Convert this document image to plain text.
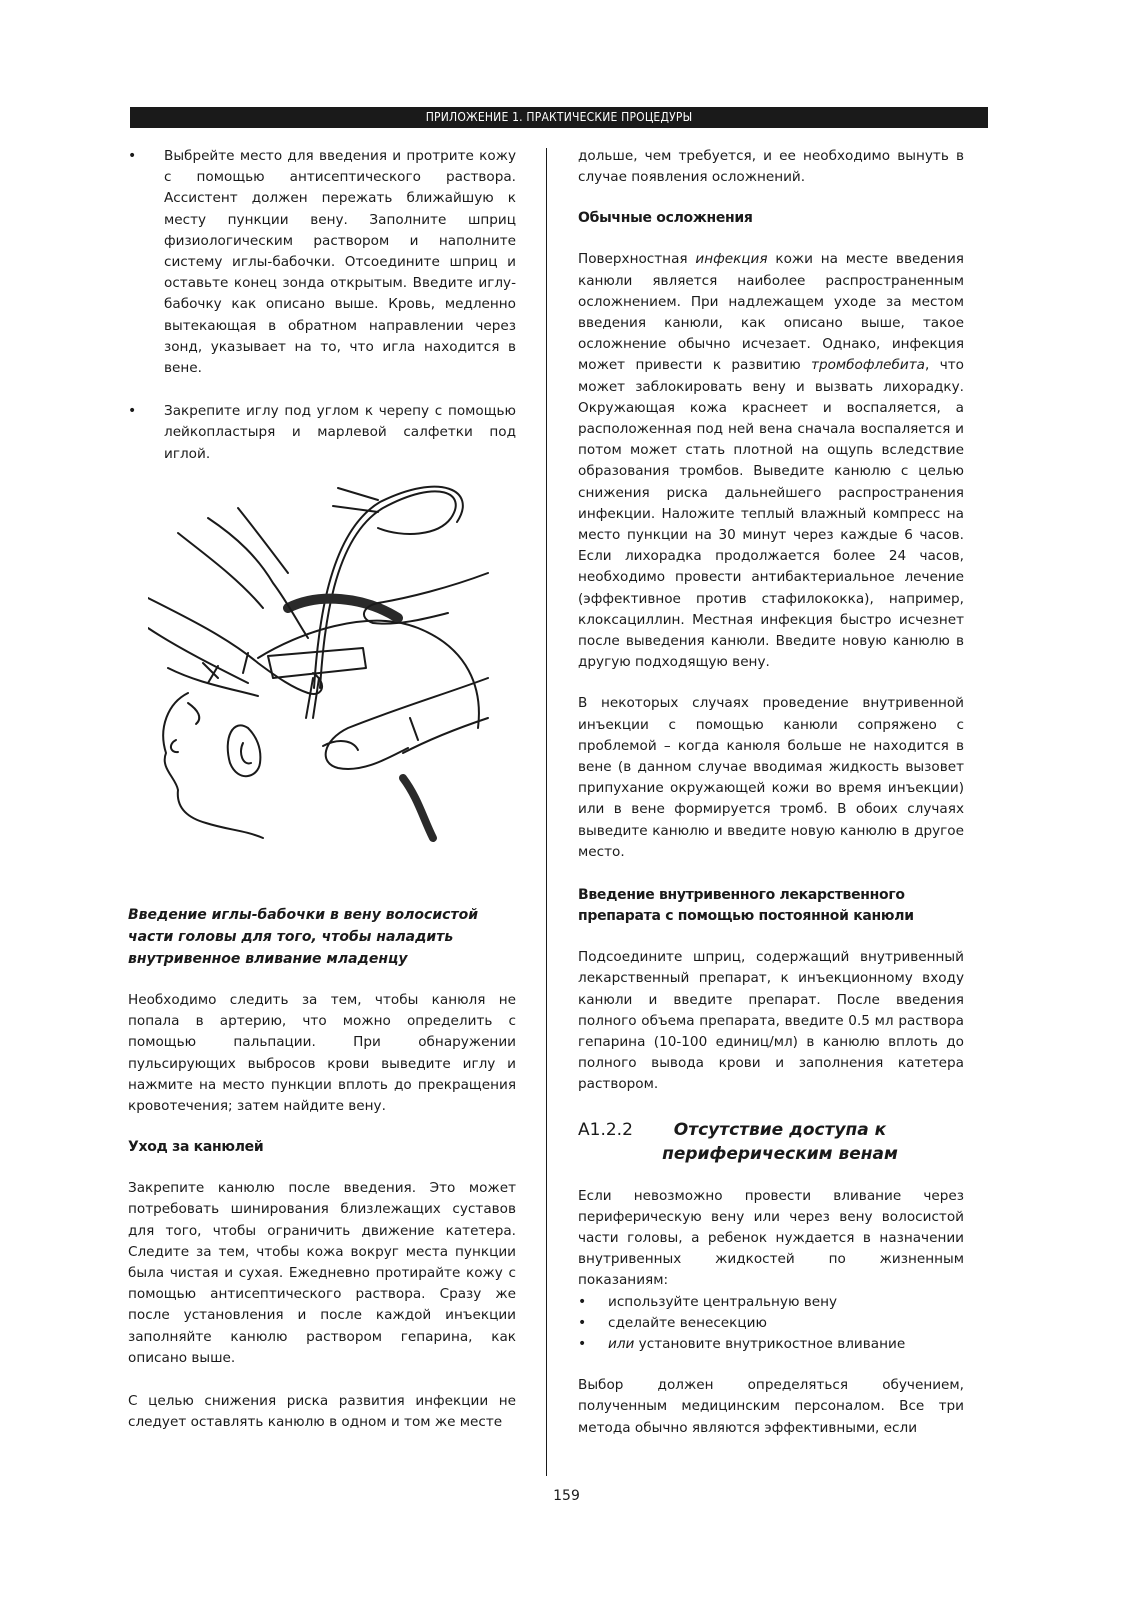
ПРИЛОЖЕНИЕ 1. ПРАКТИЧЕСКИЕ ПРОЦЕДУРЫ

• Выбрейте место для введения и протрите кожу с помощью антисептического раствора. Ассистент должен пережать ближайшую к месту пункции вену. Заполните шприц физиологическим раствором и наполните систему иглы-бабочки. Отсоедините шприц и оставьте конец зонда открытым. Введите иглу-бабочку как описано выше. Кровь, медленно вытекающая в обратном направлении через зонд, указывает на то, что игла находится в вене.

• Закрепите иглу под углом к черепу с помощью лейкопластыря и марлевой салфетки под иглой.

Введение иглы-бабочки в вену волосистой части головы для того, чтобы наладить внутривенное вливание младенцу

Необходимо следить за тем, чтобы канюля не попала в артерию, что можно определить с помощью пальпации. При обнаружении пульсирующих выбросов крови выведите иглу и нажмите на место пункции вплоть до прекращения кровотечения; затем найдите вену.

Уход за канюлей

Закрепите канюлю после введения. Это может потребовать шинирования близлежащих суставов для того, чтобы ограничить движение катетера. Следите за тем, чтобы кожа вокруг места пункции была чистая и сухая. Ежедневно протирайте кожу с помощью антисептического раствора. Сразу же после установления и после каждой инъекции заполняйте канюлю раствором гепарина, как описано выше.

С целью снижения риска развития инфекции не следует оставлять канюлю в одном и том же месте

дольше, чем требуется, и ее необходимо вынуть в случае появления осложнений.

Обычные осложнения

Поверхностная инфекция кожи на месте введения канюли является наиболее распространенным осложнением. При надлежащем уходе за местом введения канюли, как описано выше, такое осложнение обычно исчезает. Однако, инфекция может привести к развитию тромбофлебита, что может заблокировать вену и вызвать лихорадку. Окружающая кожа краснеет и воспаляется, а расположенная под ней вена сначала воспаляется и потом может стать плотной на ощупь вследствие образования тромбов. Выведите канюлю с целью снижения риска дальнейшего распространения инфекции. Наложите теплый влажный компресс на место пункции на 30 минут через каждые 6 часов. Если лихорадка продолжается более 24 часов, необходимо провести антибактериальное лечение (эффективное против стафилококка), например, клоксациллин. Местная инфекция быстро исчезнет после выведения канюли. Введите новую канюлю в другую подходящую вену.

В некоторых случаях проведение внутривенной инъекции с помощью канюли сопряжено с проблемой – когда канюля больше не находится в вене (в данном случае вводимая жидкость вызовет припухание окружающей кожи во время инъекции) или в вене формируется тромб. В обоих случаях выведите канюлю и введите новую канюлю в другое место.

Введение внутривенного лекарственного препарата с помощью постоянной канюли

Подсоедините шприц, содержащий внутривенный лекарственный препарат, к инъекционному входу канюли и введите препарат. После введения полного объема препарата, введите 0.5 мл раствора гепарина (10-100 единиц/мл) в канюлю вплоть до полного вывода крови и заполнения катетера раствором.

A1.2.2	Отсутствие доступа к периферическим венам

Если невозможно провести вливание через периферическую вену или через вену волосистой части головы, а ребенок нуждается в назначении внутривенных жидкостей по жизненным показаниям:

• используйте центральную вену
• сделайте венесекцию
• или установите внутрикостное вливание

Выбор должен определяться обучением, полученным медицинским персоналом. Все три метода обычно являются эффективными, если

159
